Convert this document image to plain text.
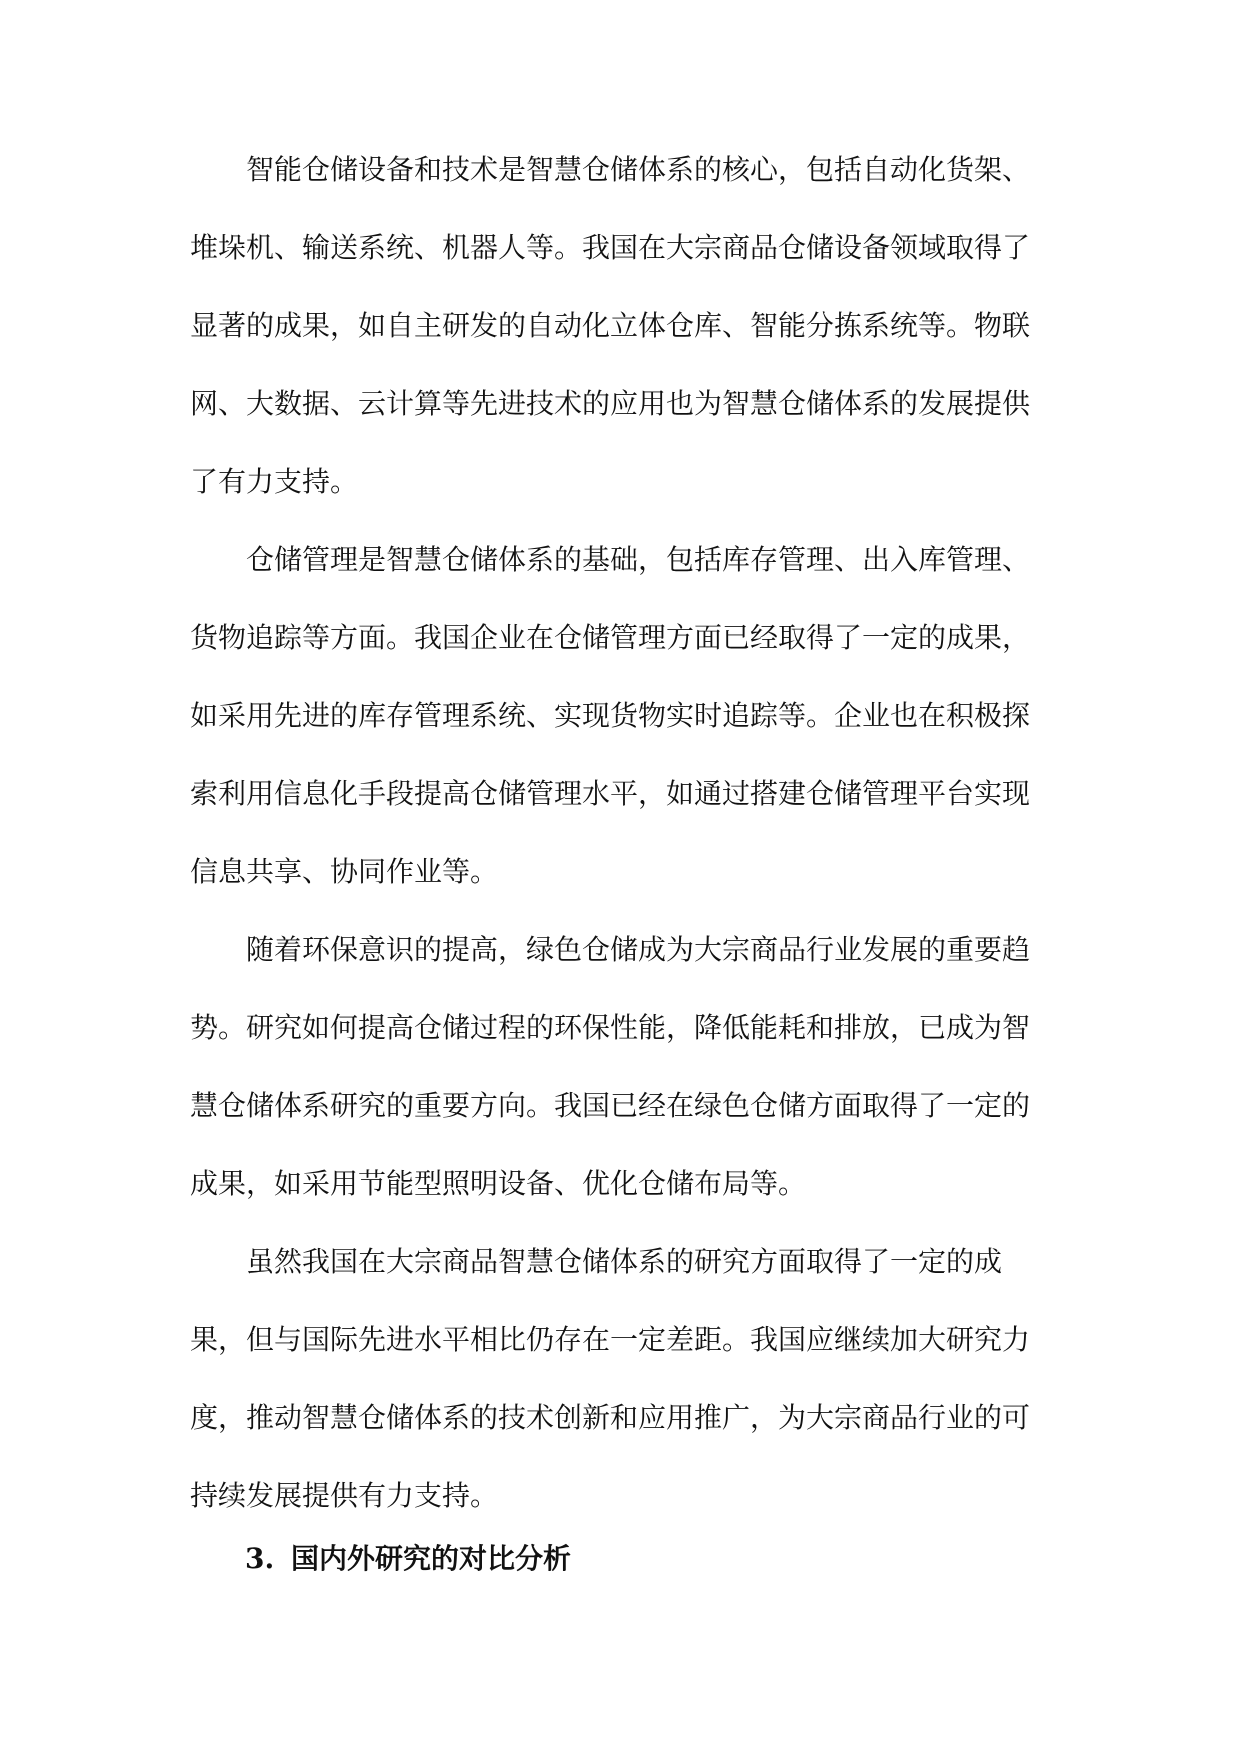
智能仓储设备和技术是智慧仓储体系的核心，包括自动化货架、
堆垛机、输送系统、机器人等。我国在大宗商品仓储设备领域取得了
显著的成果，如自主研发的自动化立体仓库、智能分拣系统等。物联
网、大数据、云计算等先进技术的应用也为智慧仓储体系的发展提供
了有力支持。

仓储管理是智慧仓储体系的基础，包括库存管理、出入库管理、
货物追踪等方面。我国企业在仓储管理方面已经取得了一定的成果，
如采用先进的库存管理系统、实现货物实时追踪等。企业也在积极探
索利用信息化手段提高仓储管理水平，如通过搭建仓储管理平台实现
信息共享、协同作业等。

随着环保意识的提高，绿色仓储成为大宗商品行业发展的重要趋
势。研究如何提高仓储过程的环保性能，降低能耗和排放，已成为智
慧仓储体系研究的重要方向。我国已经在绿色仓储方面取得了一定的
成果，如采用节能型照明设备、优化仓储布局等。

虽然我国在大宗商品智慧仓储体系的研究方面取得了一定的成
果，但与国际先进水平相比仍存在一定差距。我国应继续加大研究力
度，推动智慧仓储体系的技术创新和应用推广，为大宗商品行业的可
持续发展提供有力支持。

3. 国内外研究的对比分析
